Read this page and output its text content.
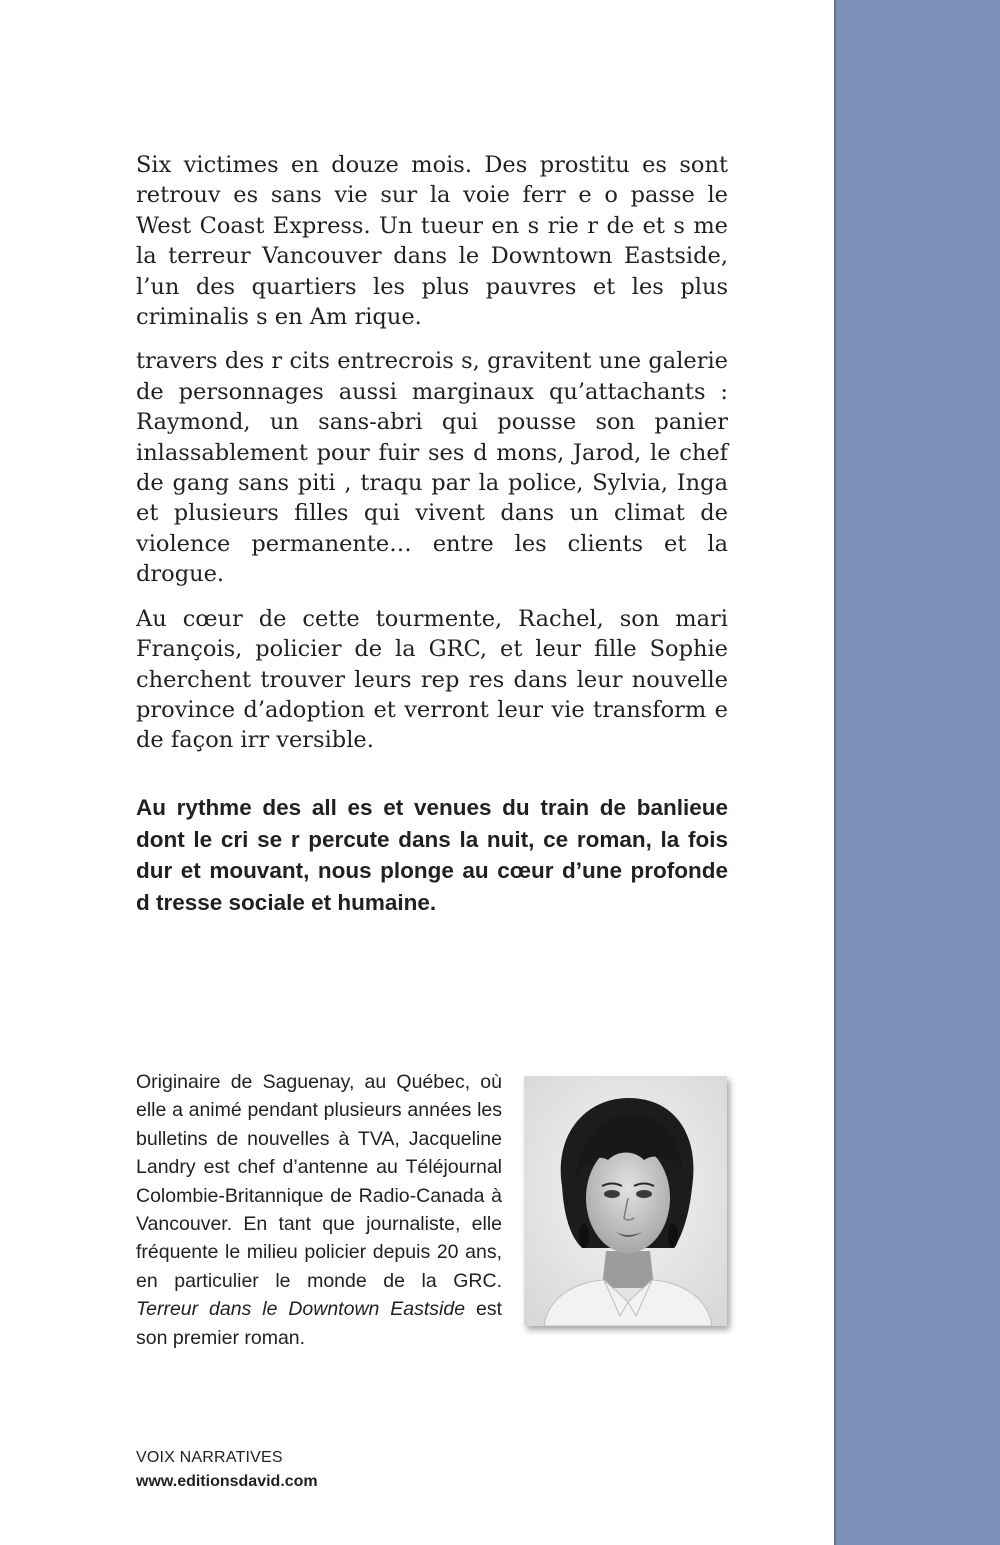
Six victimes en douze mois. Des prostitu es sont retrouv es sans vie sur la voie ferr e o passe le West Coast Express. Un tueur en s rie r de et s me la terreur Vancouver dans le Downtown Eastside, l’un des quartiers les plus pauvres et les plus criminalis s en Am rique.

travers des r cits entrecrois s, gravitent une galerie de personnages aussi marginaux qu’attachants : Raymond, un sans-abri qui pousse son panier inlassablement pour fuir ses d mons, Jarod, le chef de gang sans piti , traqu par la police, Sylvia, Inga et plusieurs filles qui vivent dans un climat de violence permanente… entre les clients et la drogue.

Au cœur de cette tourmente, Rachel, son mari François, policier de la GRC, et leur fille Sophie cherchent trouver leurs rep res dans leur nouvelle province d’adoption et verront leur vie transform e de façon irr versible.

Au rythme des all es et venues du train de banlieue dont le cri se r percute dans la nuit, ce roman, la fois dur et mouvant, nous plonge au cœur d’une profonde d tresse sociale et humaine.

Originaire de Saguenay, au Québec, où elle a animé pendant plusieurs années les bulletins de nouvelles à TVA, Jacqueline Landry est chef d’antenne au Téléjournal Colombie-Britannique de Radio-Canada à Vancouver. En tant que journaliste, elle fréquente le milieu policier depuis 20 ans, en particulier le monde de la GRC. Terreur dans le Downtown Eastside est son premier roman.

VOIX NARRATIVES
www.editionsdavid.com
